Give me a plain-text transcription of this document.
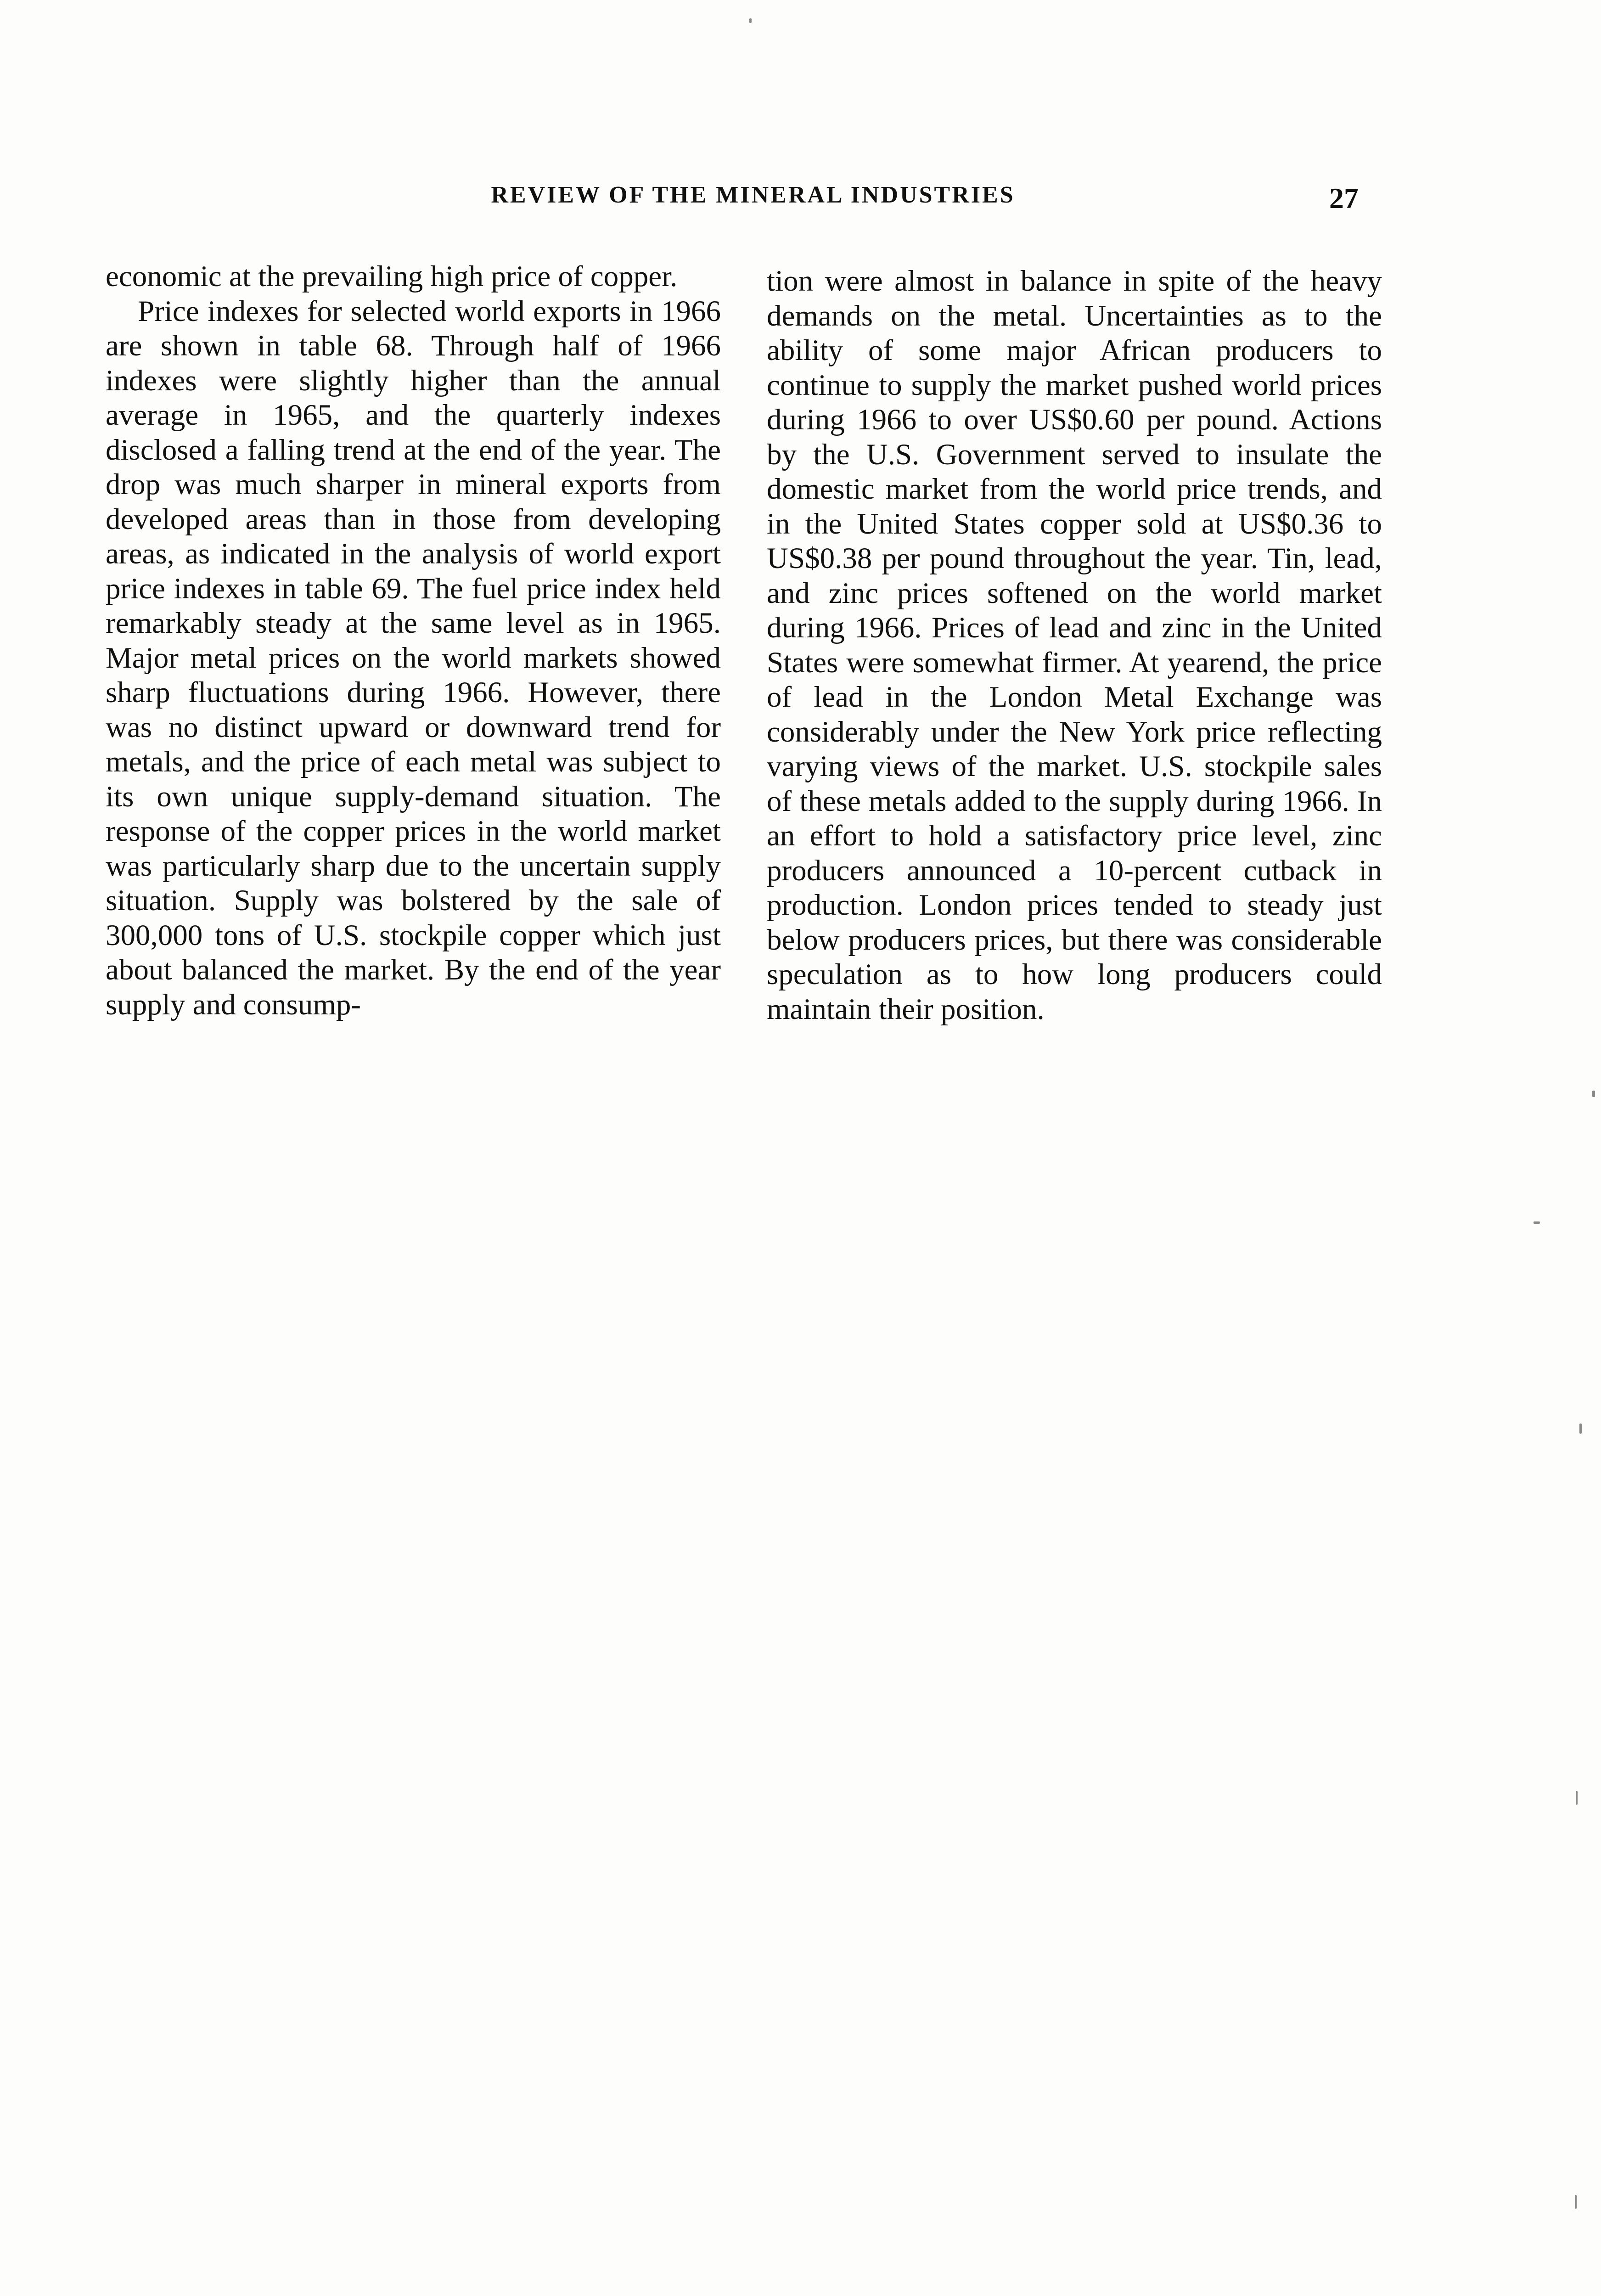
REVIEW OF THE MINERAL INDUSTRIES	27

economic at the prevailing high price of copper.

Price indexes for selected world exports in 1966 are shown in table 68. Through half of 1966 indexes were slightly higher than the annual average in 1965, and the quarterly indexes disclosed a falling trend at the end of the year. The drop was much sharper in mineral exports from developed areas than in those from developing areas, as indicated in the analysis of world export price indexes in table 69. The fuel price index held remarkably steady at the same level as in 1965. Major metal prices on the world markets showed sharp fluctuations during 1966. However, there was no distinct upward or downward trend for metals, and the price of each metal was subject to its own unique supply-demand situation. The response of the copper prices in the world market was particularly sharp due to the uncertain supply situation. Supply was bolstered by the sale of 300,000 tons of U.S. stockpile copper which just about balanced the market. By the end of the year supply and consump-

tion were almost in balance in spite of the heavy demands on the metal. Uncertainties as to the ability of some major African producers to continue to supply the market pushed world prices during 1966 to over US$0.60 per pound. Actions by the U.S. Government served to insulate the domestic market from the world price trends, and in the United States copper sold at US$0.36 to US$0.38 per pound throughout the year. Tin, lead, and zinc prices softened on the world market during 1966. Prices of lead and zinc in the United States were somewhat firmer. At yearend, the price of lead in the London Metal Exchange was considerably under the New York price reflecting varying views of the market. U.S. stockpile sales of these metals added to the supply during 1966. In an effort to hold a satisfactory price level, zinc producers announced a 10-percent cutback in production. London prices tended to steady just below producers prices, but there was considerable speculation as to how long producers could maintain their position.
